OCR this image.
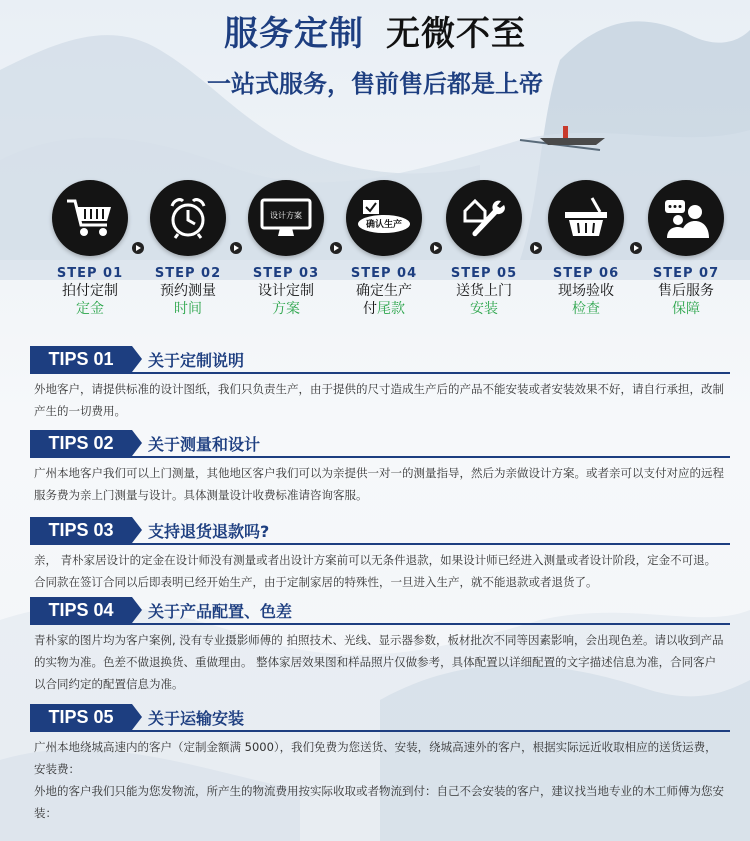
服务定制 无微不至
一站式服务，售前售后都是上帝
STEP 01
拍付定制
定金
STEP 02
预约测量
时间
设计方案
STEP 03
设计定制
方案
确认生产
STEP 04
确定生产
付尾款
STEP 05
送货上门
安装
STEP 06
现场验收
检查
STEP 07
售后服务
保障
TIPS 01	关于定制说明

外地客户，请提供标准的设计图纸，我们只负责生产，由于提供的尺寸造成生产后的产品不能安装或者安装效果不好，请自行承担，改制产生的一切费用。

TIPS 02	关于测量和设计

广州本地客户我们可以上门测量，其他地区客户我们可以为亲提供一对一的测量指导，然后为亲做设计方案。或者亲可以支付对应的远程服务费为亲上门测量与设计。具体测量设计收费标准请咨询客服。

TIPS 03	支持退货退款吗?

亲， 青朴家居设计的定金在设计师没有测量或者出设计方案前可以无条件退款，如果设计师已经进入测量或者设计阶段，定金不可退。合同款在签订合同以后即表明已经开始生产，由于定制家居的特殊性，一旦进入生产，就不能退款或者退货了。

TIPS 04	关于产品配置、色差

青朴家的图片均为客户案例, 没有专业摄影师傅的 拍照技术、光线、显示器参数，板材批次不同等因素影响，会出现色差。请以收到产品的实物为准。色差不做退换货、重做理由。 整体家居效果图和样品照片仅做参考，具体配置以详细配置的文字描述信息为准，合同客户以合同约定的配置信息为准。

TIPS 05	关于运输安装

广州本地绕城高速内的客户（定制金额满 5000），我们免费为您送货、安装，绕城高速外的客户，根据实际远近收取相应的送货运费，安装费：

外地的客户我们只能为您发物流，所产生的物流费用按实际收取或者物流到付：自己不会安装的客户，建议找当地专业的木工师傅为您安装：
